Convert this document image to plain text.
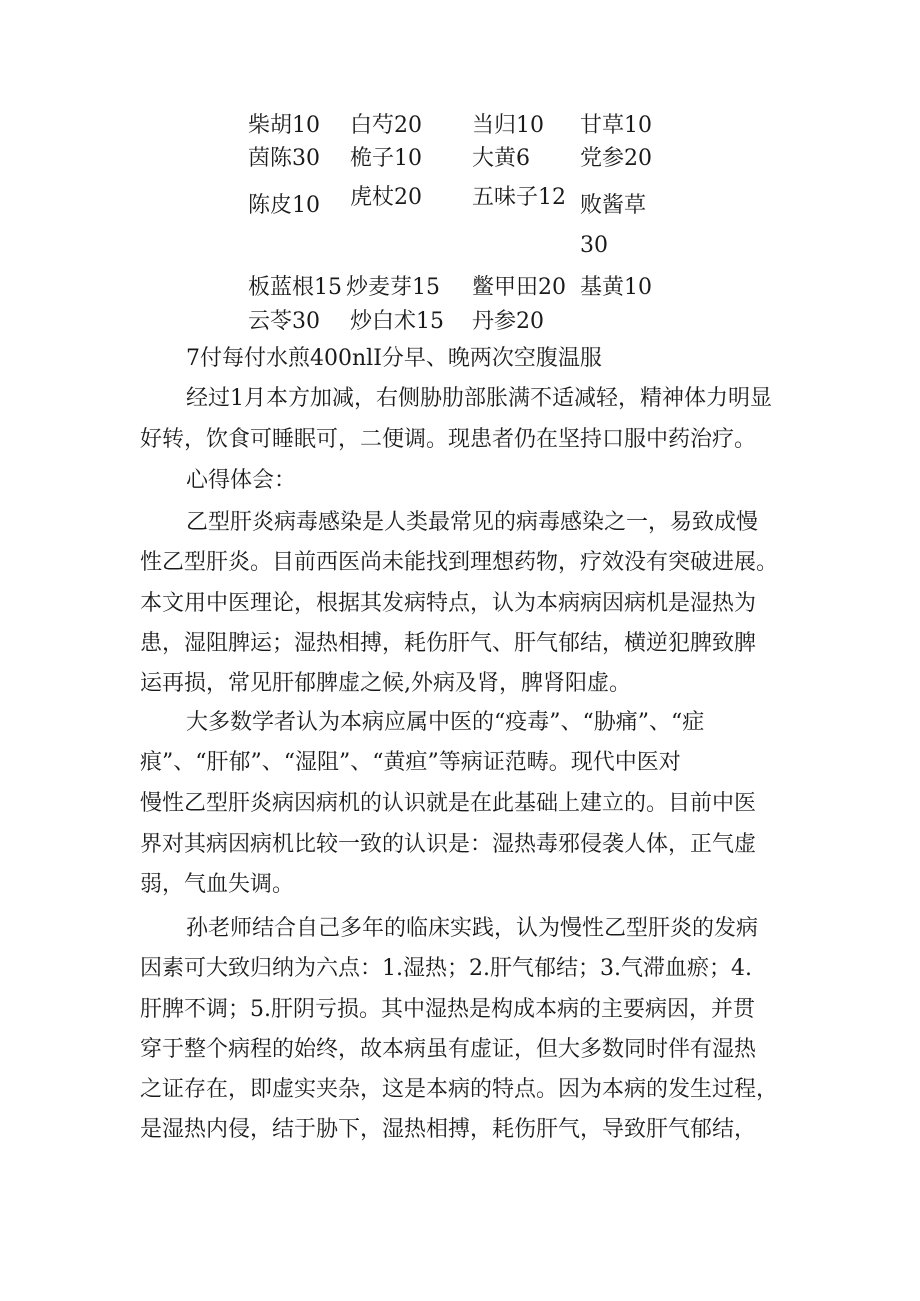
柴胡10 白芍20 当归10 甘草10
茵陈30 桅子10 大黄6 党参20
陈皮10 虎杖20 五味子12 败酱草
30
板蓝根15 炒麦芽15 鳖甲田20 基黄10
云苓30 炒白术15 丹参20
7付每付水煎400nlI分早、晚两次空腹温服
经过1月本方加减，右侧胁肋部胀满不适减轻，精神体力明显
好转，饮食可睡眠可，二便调。现患者仍在坚持口服中药治疗。
心得体会：
乙型肝炎病毒感染是人类最常见的病毒感染之一，易致成慢
性乙型肝炎。目前西医尚未能找到理想药物，疗效没有突破进展。
本文用中医理论，根据其发病特点，认为本病病因病机是湿热为
患，湿阻脾运；湿热相搏，耗伤肝气、肝气郁结，横逆犯脾致脾
运再损，常见肝郁脾虚之候,外病及肾，脾肾阳虚。
大多数学者认为本病应属中医的“疫毒”、“胁痛”、“症
痕”、“肝郁”、“湿阻”、“黄疸”等病证范畴。现代中医对
慢性乙型肝炎病因病机的认识就是在此基础上建立的。目前中医
界对其病因病机比较一致的认识是：湿热毒邪侵袭人体，正气虚
弱，气血失调。
孙老师结合自己多年的临床实践，认为慢性乙型肝炎的发病
因素可大致归纳为六点：1.湿热；2.肝气郁结；3.气滞血瘀；4.
肝脾不调；5.肝阴亏损。其中湿热是构成本病的主要病因，并贯
穿于整个病程的始终，故本病虽有虚证，但大多数同时伴有湿热
之证存在，即虚实夹杂，这是本病的特点。因为本病的发生过程，
是湿热内侵，结于胁下，湿热相搏，耗伤肝气，导致肝气郁结，
